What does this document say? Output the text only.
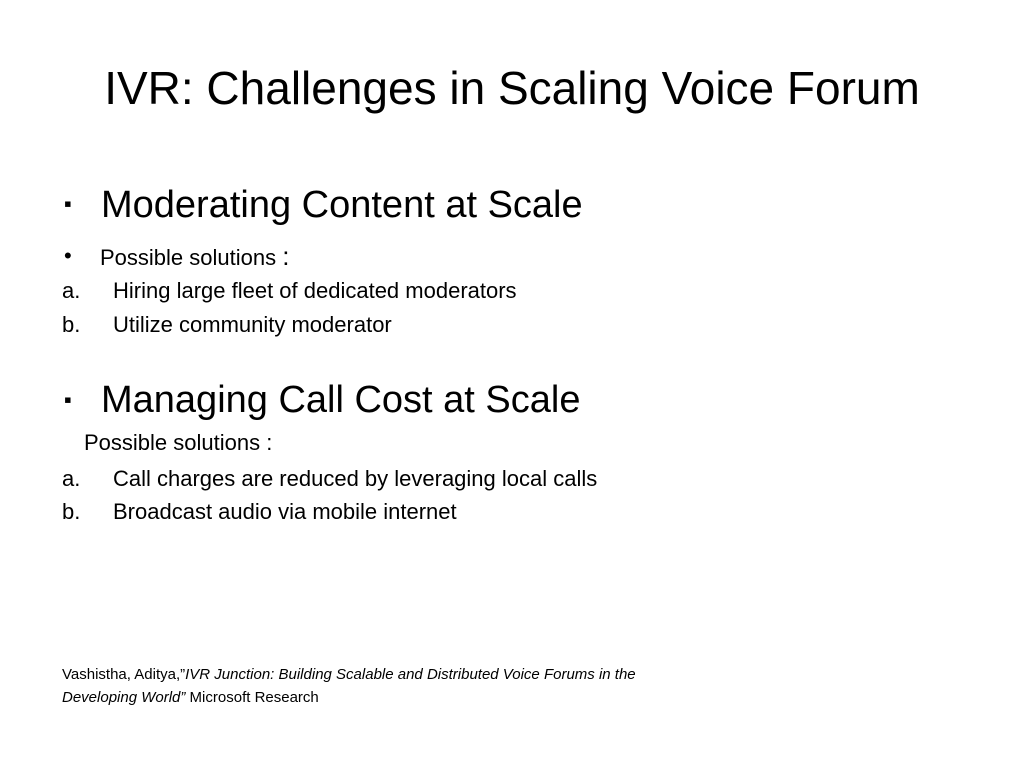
IVR: Challenges in Scaling Voice Forum
▪ Moderating Content at Scale
• Possible solutions :
a. Hiring large fleet of dedicated moderators
b. Utilize community moderator
▪ Managing Call Cost at Scale
Possible solutions :
a. Call charges are reduced by leveraging local calls
b. Broadcast audio via mobile internet
Vashistha, Aditya,”IVR Junction: Building Scalable and Distributed Voice Forums in the
Developing World” Microsoft Research
